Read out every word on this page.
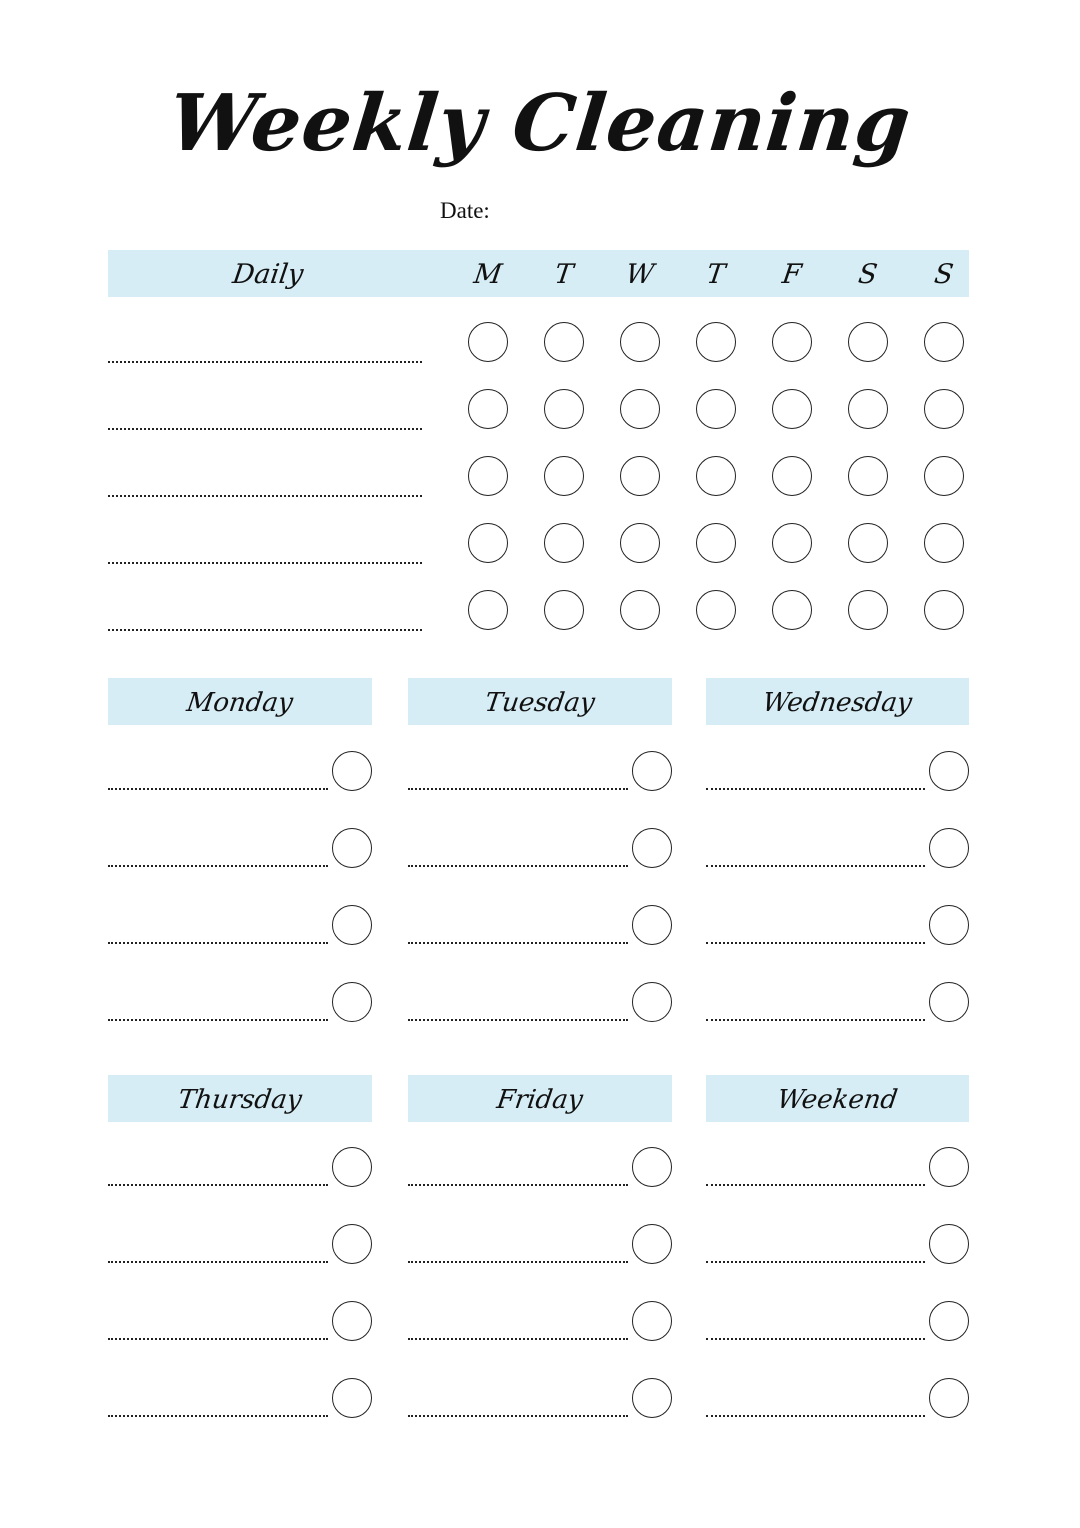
Weekly Cleaning
Date:
Daily	M	T	W	T	F	S	S
Monday	Tuesday	Wednesday
Thursday	Friday	Weekend
